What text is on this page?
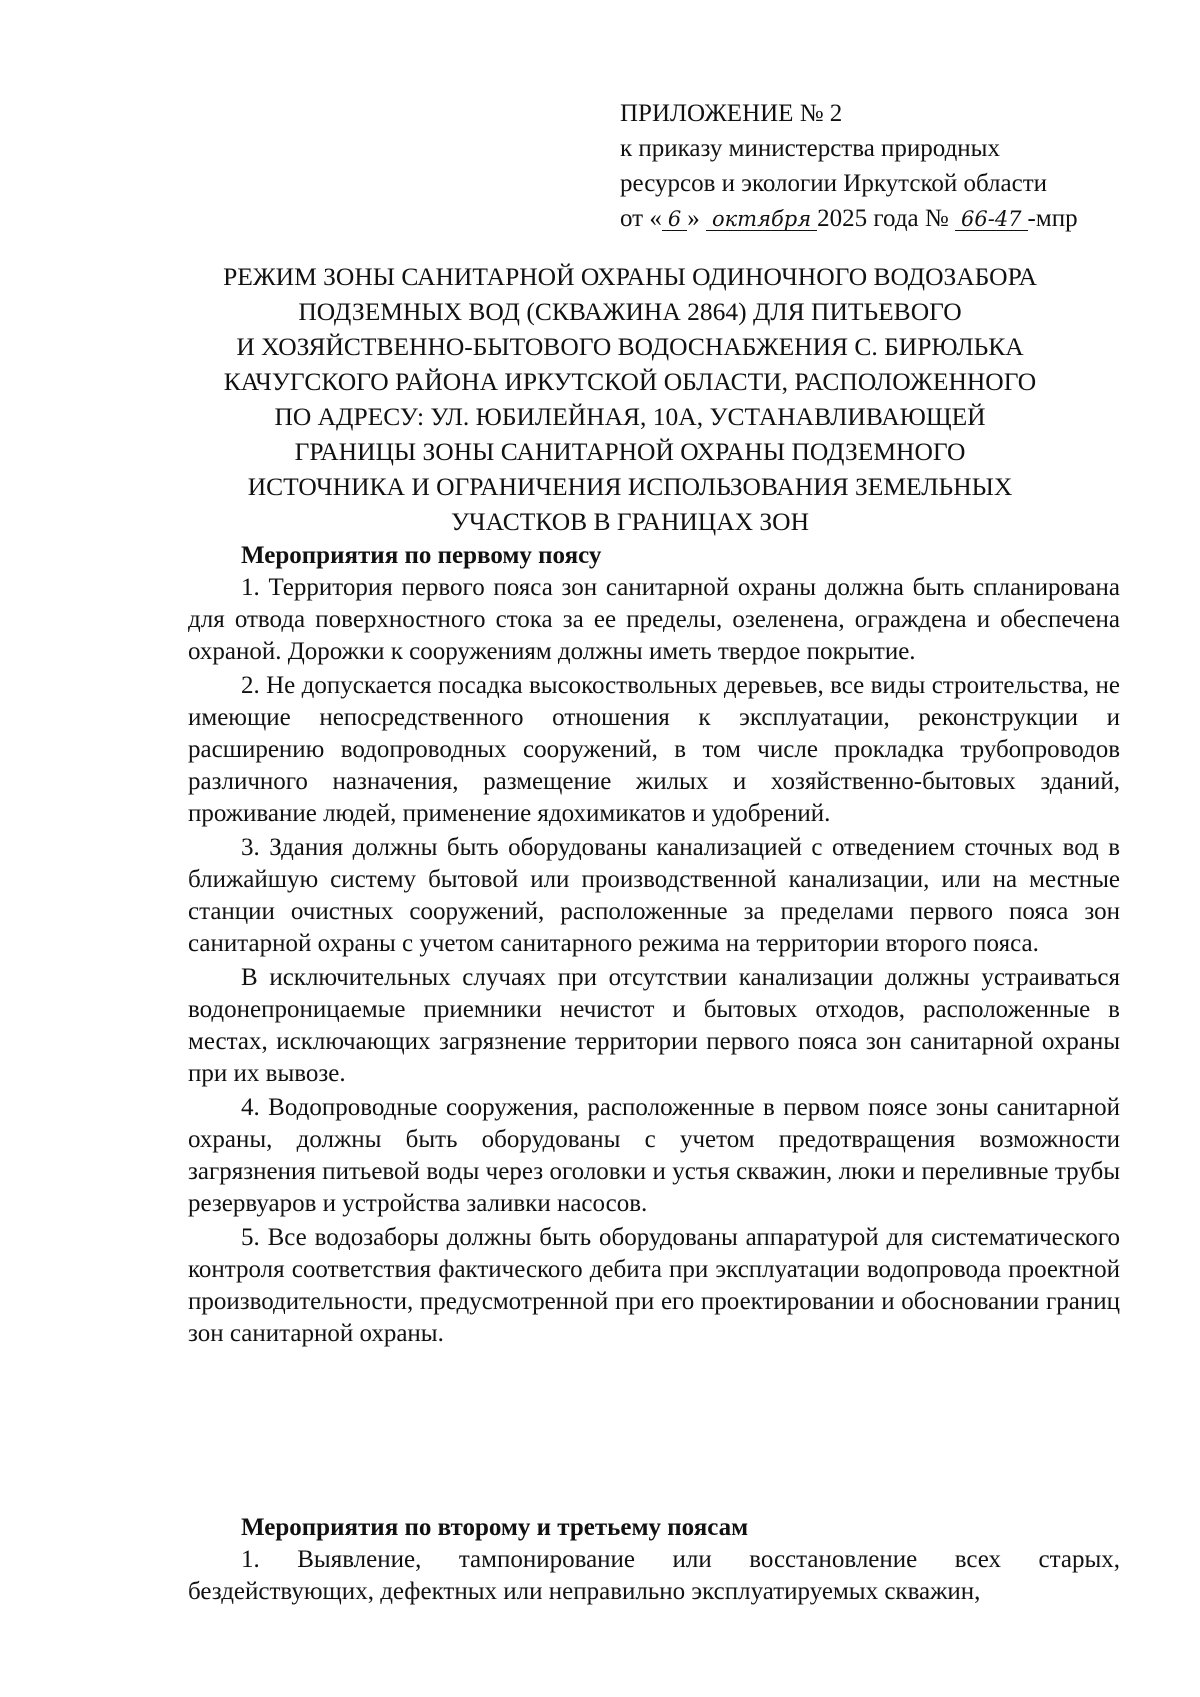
ПРИЛОЖЕНИЕ № 2
к приказу министерства природных
ресурсов и экологии Иркутской области
от « 6 » октября 2025 года № 66-47 -мпр
РЕЖИМ ЗОНЫ САНИТАРНОЙ ОХРАНЫ ОДИНОЧНОГО ВОДОЗАБОРА
ПОДЗЕМНЫХ ВОД (СКВАЖИНА 2864) ДЛЯ ПИТЬЕВОГО
И ХОЗЯЙСТВЕННО-БЫТОВОГО ВОДОСНАБЖЕНИЯ С. БИРЮЛЬКА
КАЧУГСКОГО РАЙОНА ИРКУТСКОЙ ОБЛАСТИ, РАСПОЛОЖЕННОГО
ПО АДРЕСУ: УЛ. ЮБИЛЕЙНАЯ, 10А, УСТАНАВЛИВАЮЩЕЙ
ГРАНИЦЫ ЗОНЫ САНИТАРНОЙ ОХРАНЫ ПОДЗЕМНОГО
ИСТОЧНИКА И ОГРАНИЧЕНИЯ ИСПОЛЬЗОВАНИЯ ЗЕМЕЛЬНЫХ
УЧАСТКОВ В ГРАНИЦАХ ЗОН
Мероприятия по первому поясу

1. Территория первого пояса зон санитарной охраны должна быть спланирована для отвода поверхностного стока за ее пределы, озеленена, ограждена и обеспечена охраной. Дорожки к сооружениям должны иметь твердое покрытие.

2. Не допускается посадка высокоствольных деревьев, все виды строительства, не имеющие непосредственного отношения к эксплуатации, реконструкции и расширению водопроводных сооружений, в том числе прокладка трубопроводов различного назначения, размещение жилых и хозяйственно-бытовых зданий, проживание людей, применение ядохимикатов и удобрений.

3. Здания должны быть оборудованы канализацией с отведением сточных вод в ближайшую систему бытовой или производственной канализации, или на местные станции очистных сооружений, расположенные за пределами первого пояса зон санитарной охраны с учетом санитарного режима на территории второго пояса.

В исключительных случаях при отсутствии канализации должны устраиваться водонепроницаемые приемники нечистот и бытовых отходов, расположенные в местах, исключающих загрязнение территории первого пояса зон санитарной охраны при их вывозе.

4. Водопроводные сооружения, расположенные в первом поясе зоны санитарной охраны, должны быть оборудованы с учетом предотвращения возможности загрязнения питьевой воды через оголовки и устья скважин, люки и переливные трубы резервуаров и устройства заливки насосов.

5. Все водозаборы должны быть оборудованы аппаратурой для систематического контроля соответствия фактического дебита при эксплуатации водопровода проектной производительности, предусмотренной при его проектировании и обосновании границ зон санитарной охраны.

Мероприятия по второму и третьему поясам

1. Выявление, тампонирование или восстановление всех старых, бездействующих, дефектных или неправильно эксплуатируемых скважин,
